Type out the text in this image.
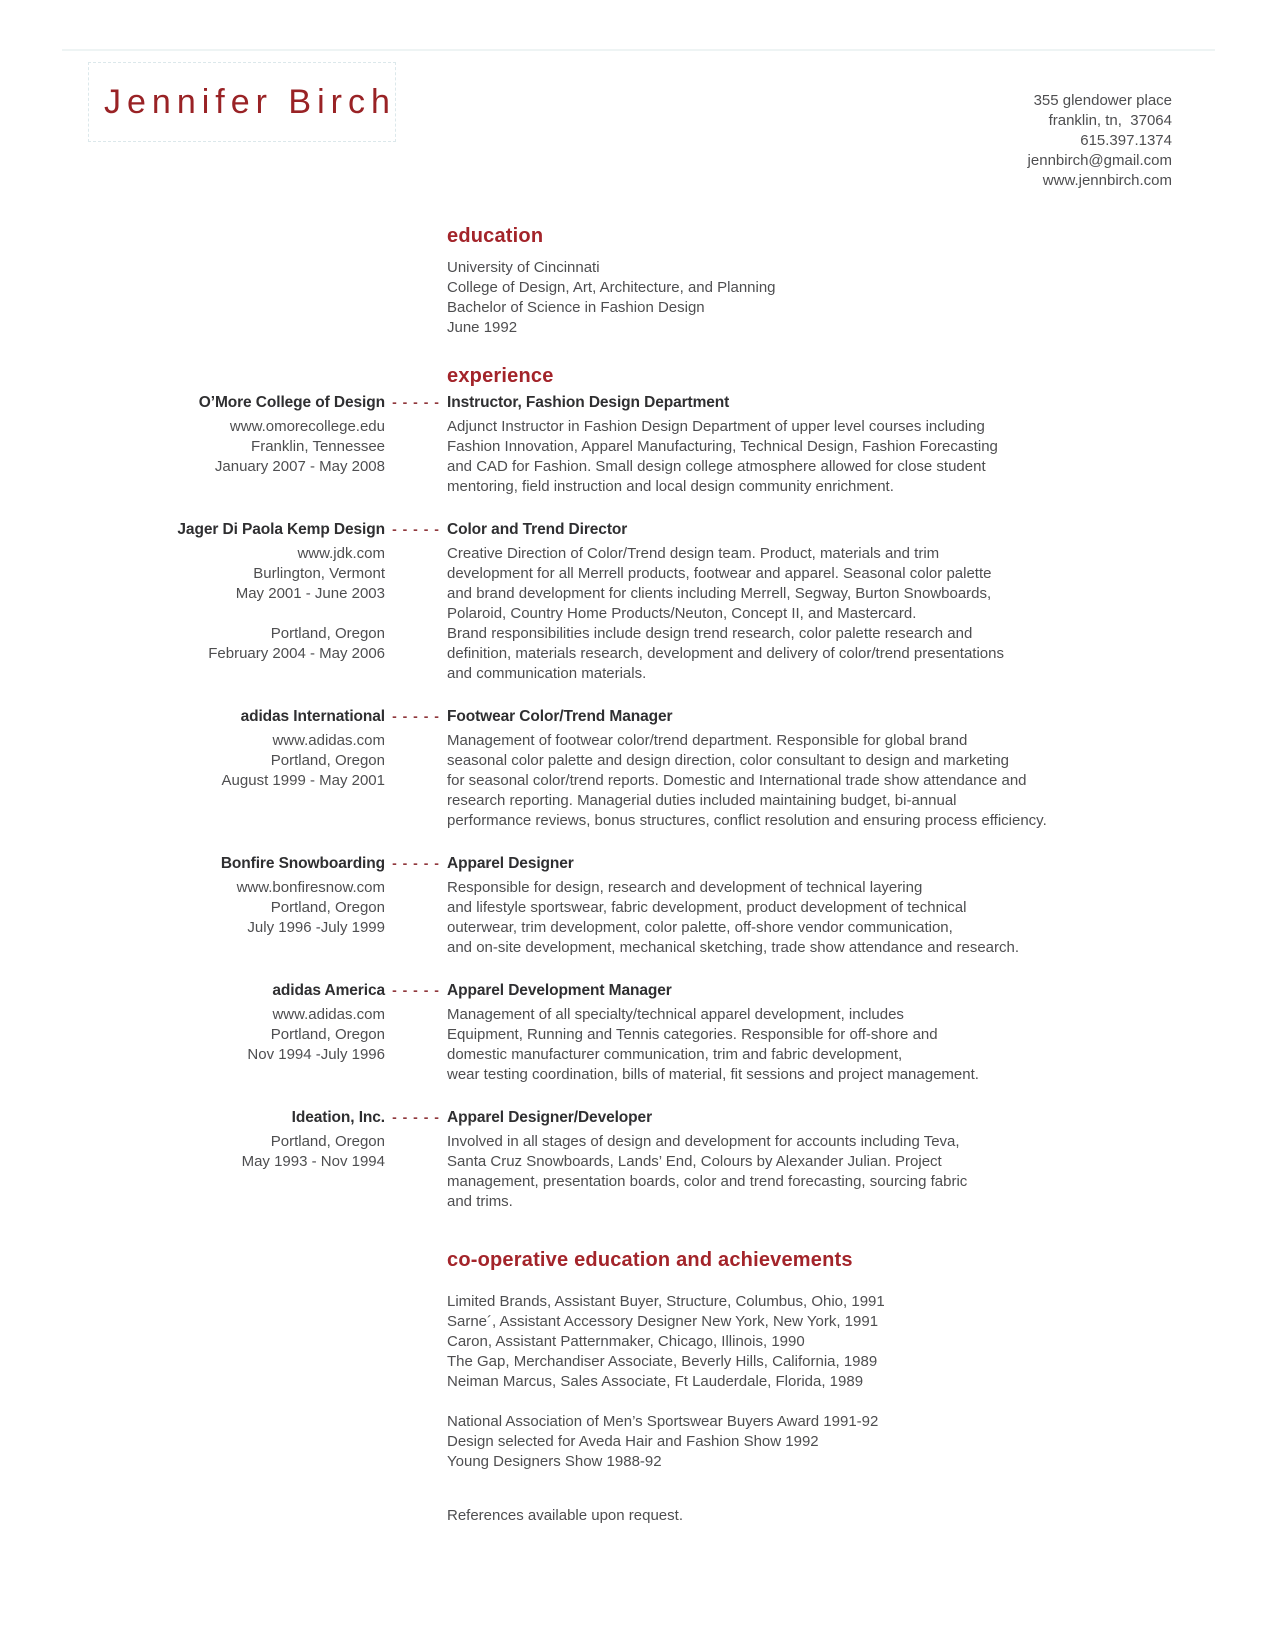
Jennifer Birch	355 glendower place
franklin, tn,  37064
615.397.1374
jennbirch@gmail.com
www.jennbirch.com
education
University of Cincinnati
College of Design, Art, Architecture, and Planning
Bachelor of Science in Fashion Design
June 1992
experience
O’More College of Design - - - - - Instructor, Fashion Design Department
www.omorecollege.edu
Franklin, Tennessee
January 2007 - May 2008
Adjunct Instructor in Fashion Design Department of upper level courses including
Fashion Innovation, Apparel Manufacturing, Technical Design, Fashion Forecasting
and CAD for Fashion. Small design college atmosphere allowed for close student
mentoring, field instruction and local design community enrichment.
Jager Di Paola Kemp Design - - - - - Color and Trend Director
www.jdk.com
Burlington, Vermont
May 2001 - June 2003

Portland, Oregon
February 2004 - May 2006
Creative Direction of Color/Trend design team. Product, materials and trim
development for all Merrell products, footwear and apparel. Seasonal color palette
and brand development for clients including Merrell, Segway, Burton Snowboards,
Polaroid, Country Home Products/Neuton, Concept II, and Mastercard.
Brand responsibilities include design trend research, color palette research and
definition, materials research, development and delivery of color/trend presentations
and communication materials.
adidas International - - - - - Footwear Color/Trend Manager
www.adidas.com
Portland, Oregon
August 1999 - May 2001
Management of footwear color/trend department. Responsible for global brand
seasonal color palette and design direction, color consultant to design and marketing
for seasonal color/trend reports. Domestic and International trade show attendance and
research reporting. Managerial duties included maintaining budget, bi-annual
performance reviews, bonus structures, conflict resolution and ensuring process efficiency.
Bonfire Snowboarding - - - - - Apparel Designer
www.bonfiresnow.com
Portland, Oregon
July 1996 -July 1999
Responsible for design, research and development of technical layering
and lifestyle sportswear, fabric development, product development of technical
outerwear, trim development, color palette, off-shore vendor communication,
and on-site development, mechanical sketching, trade show attendance and research.
adidas America - - - - - Apparel Development Manager
www.adidas.com
Portland, Oregon
Nov 1994 -July 1996
Management of all specialty/technical apparel development, includes
Equipment, Running and Tennis categories. Responsible for off-shore and
domestic manufacturer communication, trim and fabric development,
wear testing coordination, bills of material, fit sessions and project management.
Ideation, Inc. - - - - - Apparel Designer/Developer
Portland, Oregon
May 1993 - Nov 1994
Involved in all stages of design and development for accounts including Teva,
Santa Cruz Snowboards, Lands’ End, Colours by Alexander Julian. Project
management, presentation boards, color and trend forecasting, sourcing fabric
and trims.
co-operative education and achievements
Limited Brands, Assistant Buyer, Structure, Columbus, Ohio, 1991
Sarne´, Assistant Accessory Designer New York, New York, 1991
Caron, Assistant Patternmaker, Chicago, Illinois, 1990
The Gap, Merchandiser Associate, Beverly Hills, California, 1989
Neiman Marcus, Sales Associate, Ft Lauderdale, Florida, 1989
National Association of Men’s Sportswear Buyers Award 1991-92
Design selected for Aveda Hair and Fashion Show 1992
Young Designers Show 1988-92
References available upon request.
